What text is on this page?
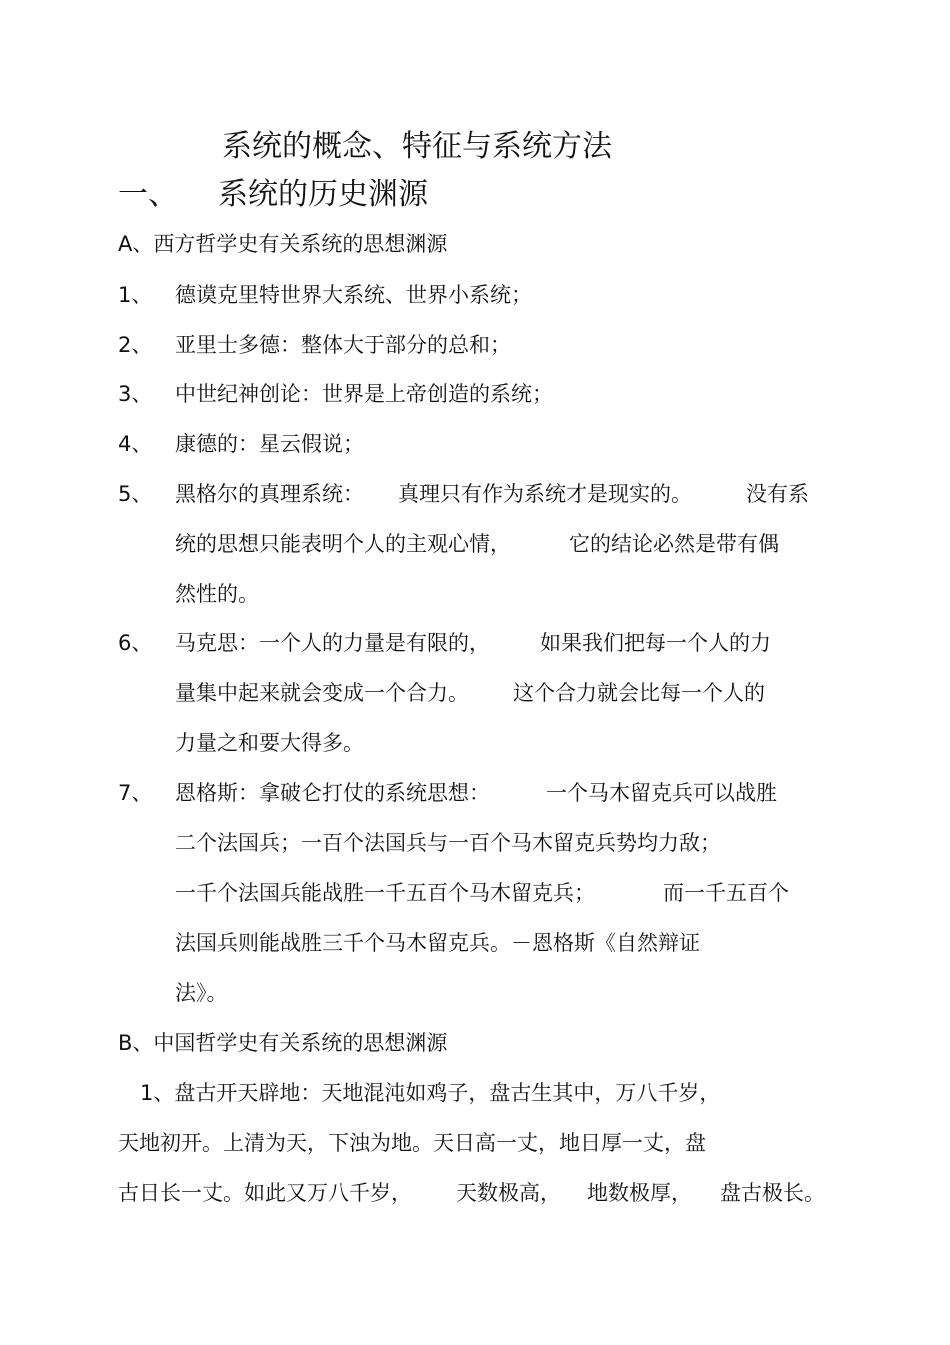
系统的概念、特征与系统方法
一、 系统的历史渊源
A、西方哲学史有关系统的思想渊源
1、 德谟克里特世界大系统、世界小系统；
2、 亚里士多德：整体大于部分的总和；
3、 中世纪神创论：世界是上帝创造的系统；
4、 康德的：星云假说；
5、 黑格尔的真理系统： 真理只有作为系统才是现实的。	没有系
统的思想只能表明个人的主观心情，	它的结论必然是带有偶
然性的。
6、 马克思：一个人的力量是有限的， 如果我们把每一个人的力
量集中起来就会变成一个合力。 这个合力就会比每一个人的
力量之和要大得多。
7、 恩格斯：拿破仑打仗的系统思想：	一个马木留克兵可以战胜
二个法国兵；一百个法国兵与一百个马木留克兵势均力敌；
一千个法国兵能战胜一千五百个马木留克兵；	而一千五百个
法国兵则能战胜三千个马木留克兵。－恩格斯《自然辩证
法》。
B、中国哲学史有关系统的思想渊源
1、盘古开天辟地：天地混沌如鸡子，盘古生其中，万八千岁，
天地初开。上清为天，下浊为地。天日高一丈，地日厚一丈，盘
古日长一丈。如此又万八千岁， 天数极高， 地数极厚， 盘古极长。
